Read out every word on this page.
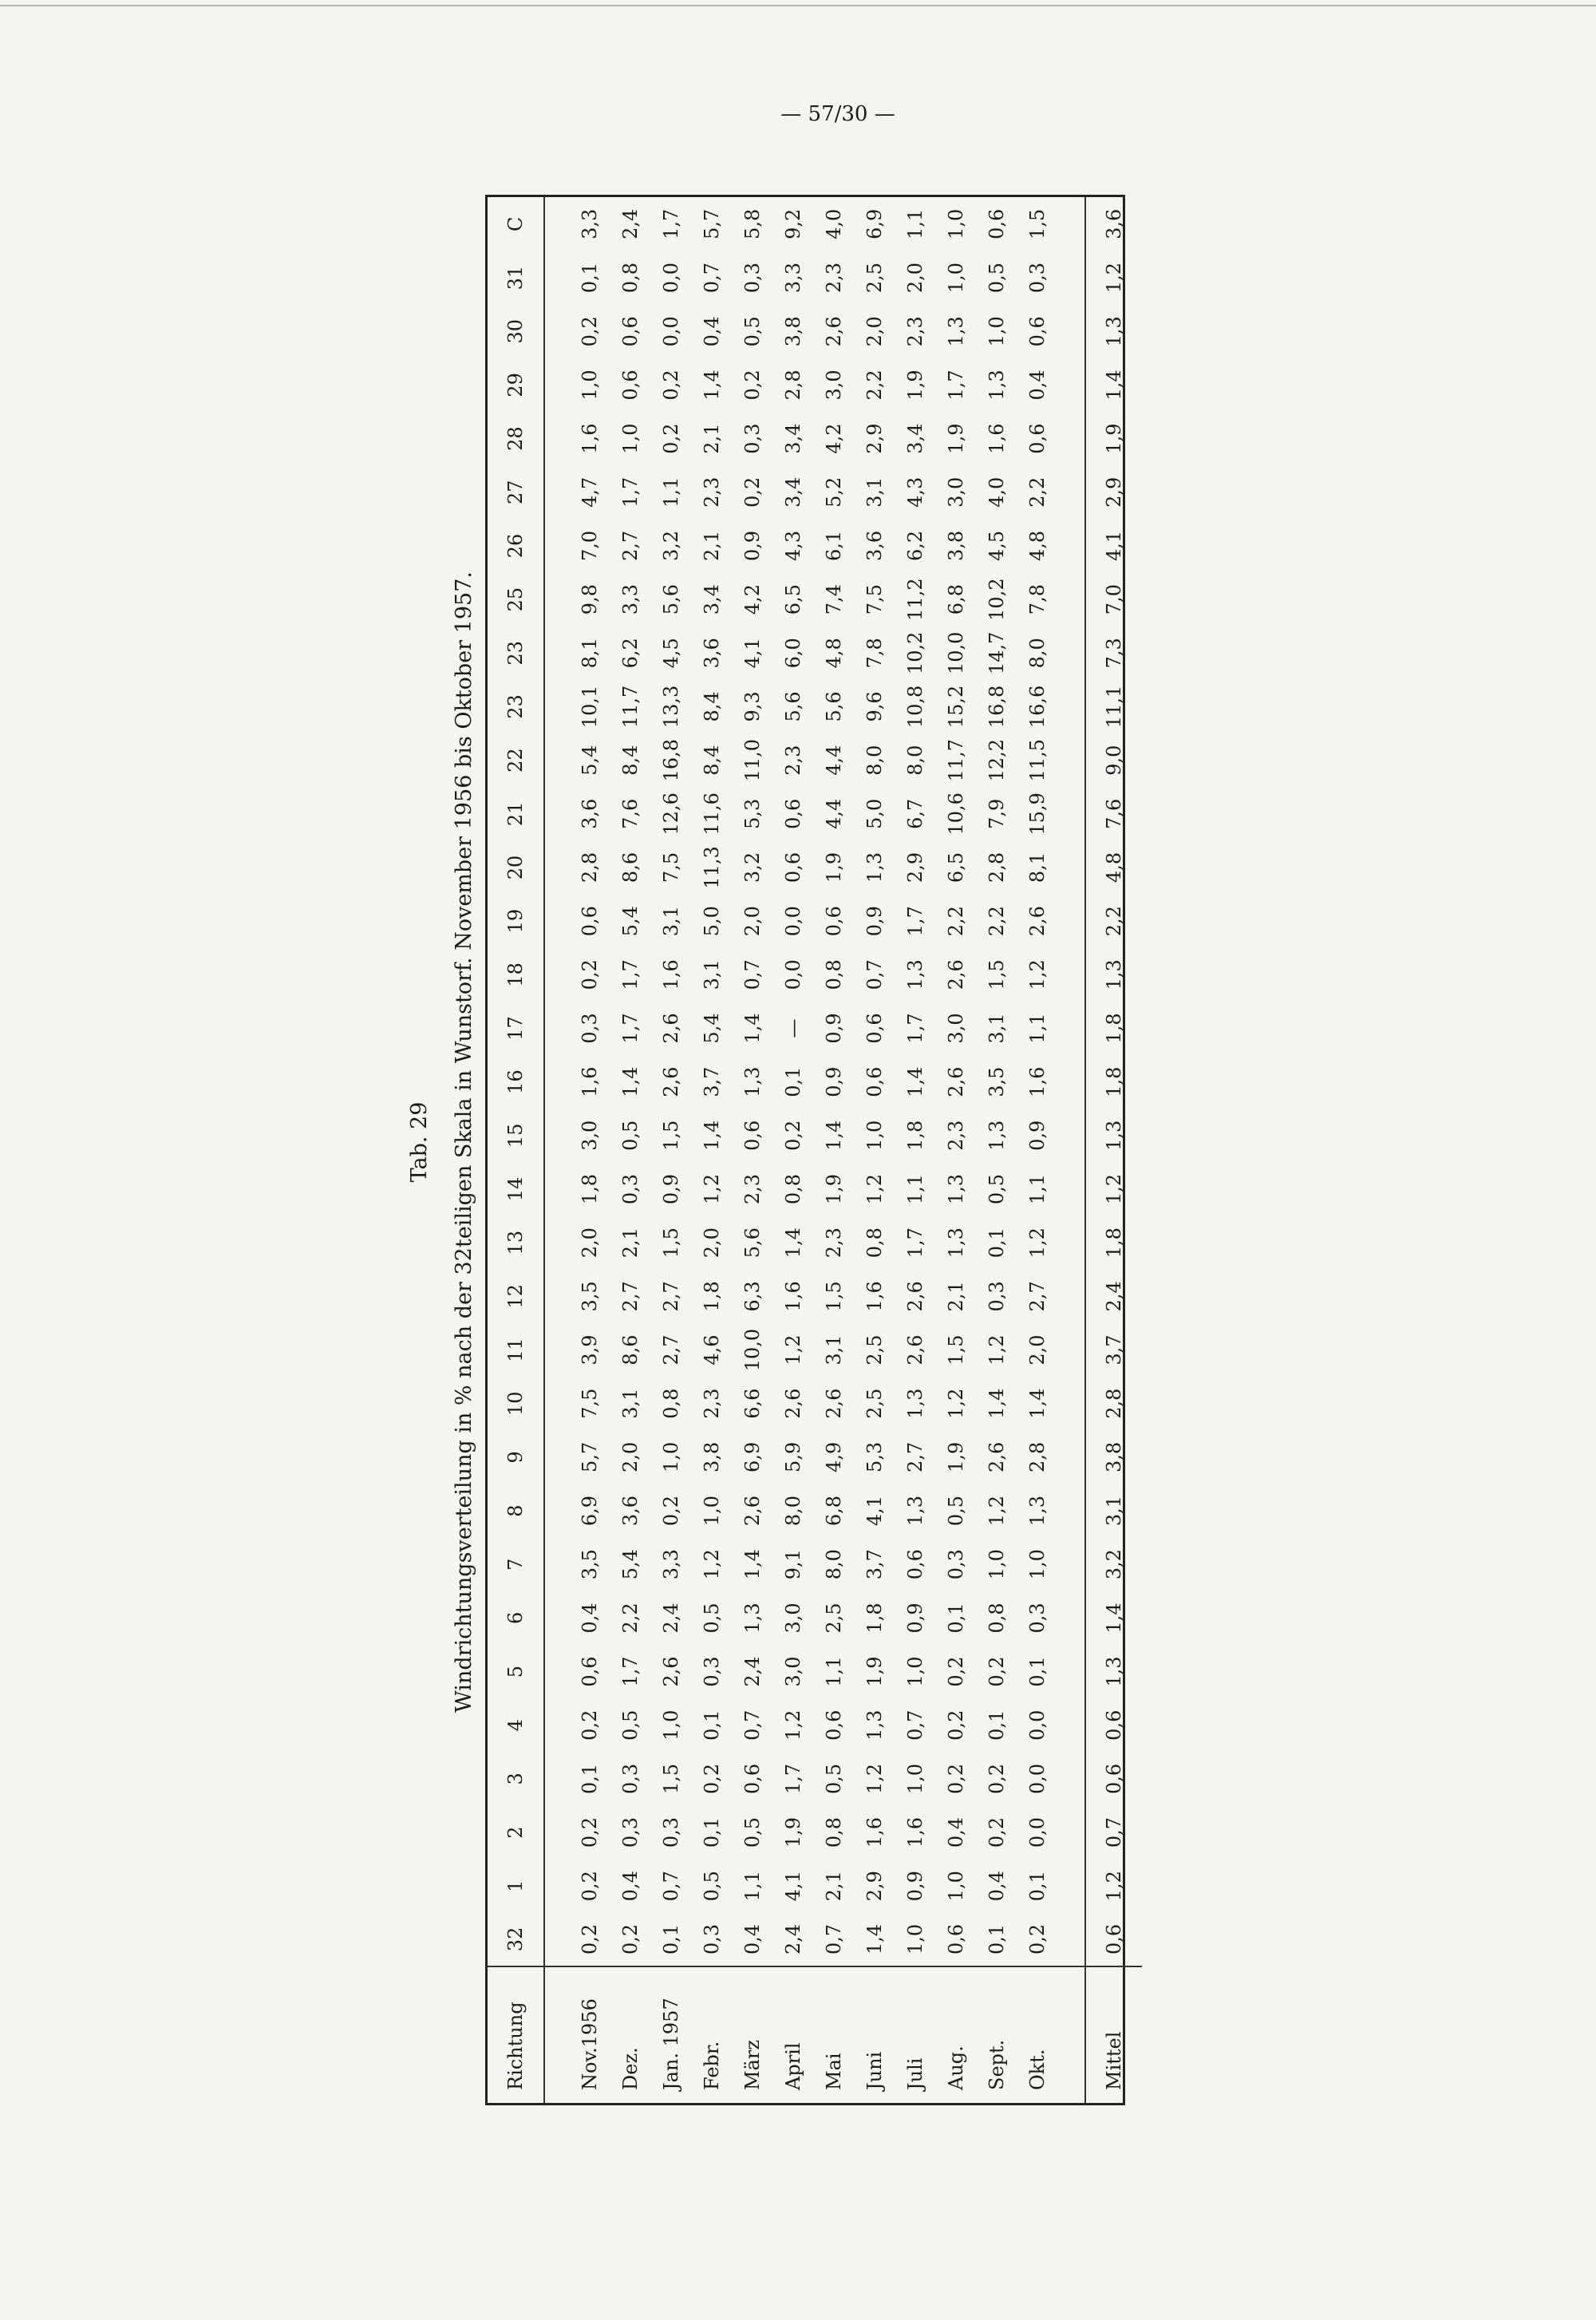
— 57/30 —
Tab. 29 Windrichtungsverteilung in % nach der 32teiligen Skala in Wunstorf. November 1956 bis Oktober 1957.
Richtung	32	1	2	3	4	5	6	7	8	9	10	11	12	13	14	15	16	17	18	19	20	21	22	23	23	25	26	27	28	29	30	31	C

Nov.1956	0,2	0,2	0,2	0,1	0,2	0,6	0,4	3,5	6,9	5,7	7,5	3,9	3,5	2,0	1,8	3,0	1,6	0,3	0,2	0,6	2,8	3,6	5,4	10,1	8,1	9,8	7,0	4,7	1,6	1,0	0,2	0,1	3,3
Dez.	0,2	0,4	0,3	0,3	0,5	1,7	2,2	5,4	3,6	2,0	3,1	8,6	2,7	2,1	0,3	0,5	1,4	1,7	1,7	5,4	8,6	7,6	8,4	11,7	6,2	3,3	2,7	1,7	1,0	0,6	0,6	0,8	2,4
Jan. 1957	0,1	0,7	0,3	1,5	1,0	2,6	2,4	3,3	0,2	1,0	0,8	2,7	2,7	1,5	0,9	1,5	2,6	2,6	1,6	3,1	7,5	12,6	16,8	13,3	4,5	5,6	3,2	1,1	0,2	0,2	0,0	0,0	1,7
Febr.	0,3	0,5	0,1	0,2	0,1	0,3	0,5	1,2	1,0	3,8	2,3	4,6	1,8	2,0	1,2	1,4	3,7	5,4	3,1	5,0	11,3	11,6	8,4	8,4	3,6	3,4	2,1	2,3	2,1	1,4	0,4	0,7	5,7
März	0,4	1,1	0,5	0,6	0,7	2,4	1,3	1,4	2,6	6,9	6,6	10,0	6,3	5,6	2,3	0,6	1,3	1,4	0,7	2,0	3,2	5,3	11,0	9,3	4,1	4,2	0,9	0,2	0,3	0,2	0,5	0,3	5,8
April	2,4	4,1	1,9	1,7	1,2	3,0	3,0	9,1	8,0	5,9	2,6	1,2	1,6	1,4	0,8	0,2	0,1	—	0,0	0,0	0,6	0,6	2,3	5,6	6,0	6,5	4,3	3,4	3,4	2,8	3,8	3,3	9,2
Mai	0,7	2,1	0,8	0,5	0,6	1,1	2,5	8,0	6,8	4,9	2,6	3,1	1,5	2,3	1,9	1,4	0,9	0,9	0,8	0,6	1,9	4,4	4,4	5,6	4,8	7,4	6,1	5,2	4,2	3,0	2,6	2,3	4,0
Juni	1,4	2,9	1,6	1,2	1,3	1,9	1,8	3,7	4,1	5,3	2,5	2,5	1,6	0,8	1,2	1,0	0,6	0,6	0,7	0,9	1,3	5,0	8,0	9,6	7,8	7,5	3,6	3,1	2,9	2,2	2,0	2,5	6,9
Juli	1,0	0,9	1,6	1,0	0,7	1,0	0,9	0,6	1,3	2,7	1,3	2,6	2,6	1,7	1,1	1,8	1,4	1,7	1,3	1,7	2,9	6,7	8,0	10,8	10,2	11,2	6,2	4,3	3,4	1,9	2,3	2,0	1,1
Aug.	0,6	1,0	0,4	0,2	0,2	0,2	0,1	0,3	0,5	1,9	1,2	1,5	2,1	1,3	1,3	2,3	2,6	3,0	2,6	2,2	6,5	10,6	11,7	15,2	10,0	6,8	3,8	3,0	1,9	1,7	1,3	1,0	1,0
Sept.	0,1	0,4	0,2	0,2	0,1	0,2	0,8	1,0	1,2	2,6	1,4	1,2	0,3	0,1	0,5	1,3	3,5	3,1	1,5	2,2	2,8	7,9	12,2	16,8	14,7	10,2	4,5	4,0	1,6	1,3	1,0	0,5	0,6
Okt.	0,2	0,1	0,0	0,0	0,0	0,1	0,3	1,0	1,3	2,8	1,4	2,0	2,7	1,2	1,1	0,9	1,6	1,1	1,2	2,6	8,1	15,9	11,5	16,6	8,0	7,8	4,8	2,2	0,6	0,4	0,6	0,3	1,5

Mittel	0,6	1,2	0,7	0,6	0,6	1,3	1,4	3,2	3,1	3,8	2,8	3,7	2,4	1,8	1,2	1,3	1,8	1,8	1,3	2,2	4,8	7,6	9,0	11,1	7,3	7,0	4,1	2,9	1,9	1,4	1,3	1,2	3,6
